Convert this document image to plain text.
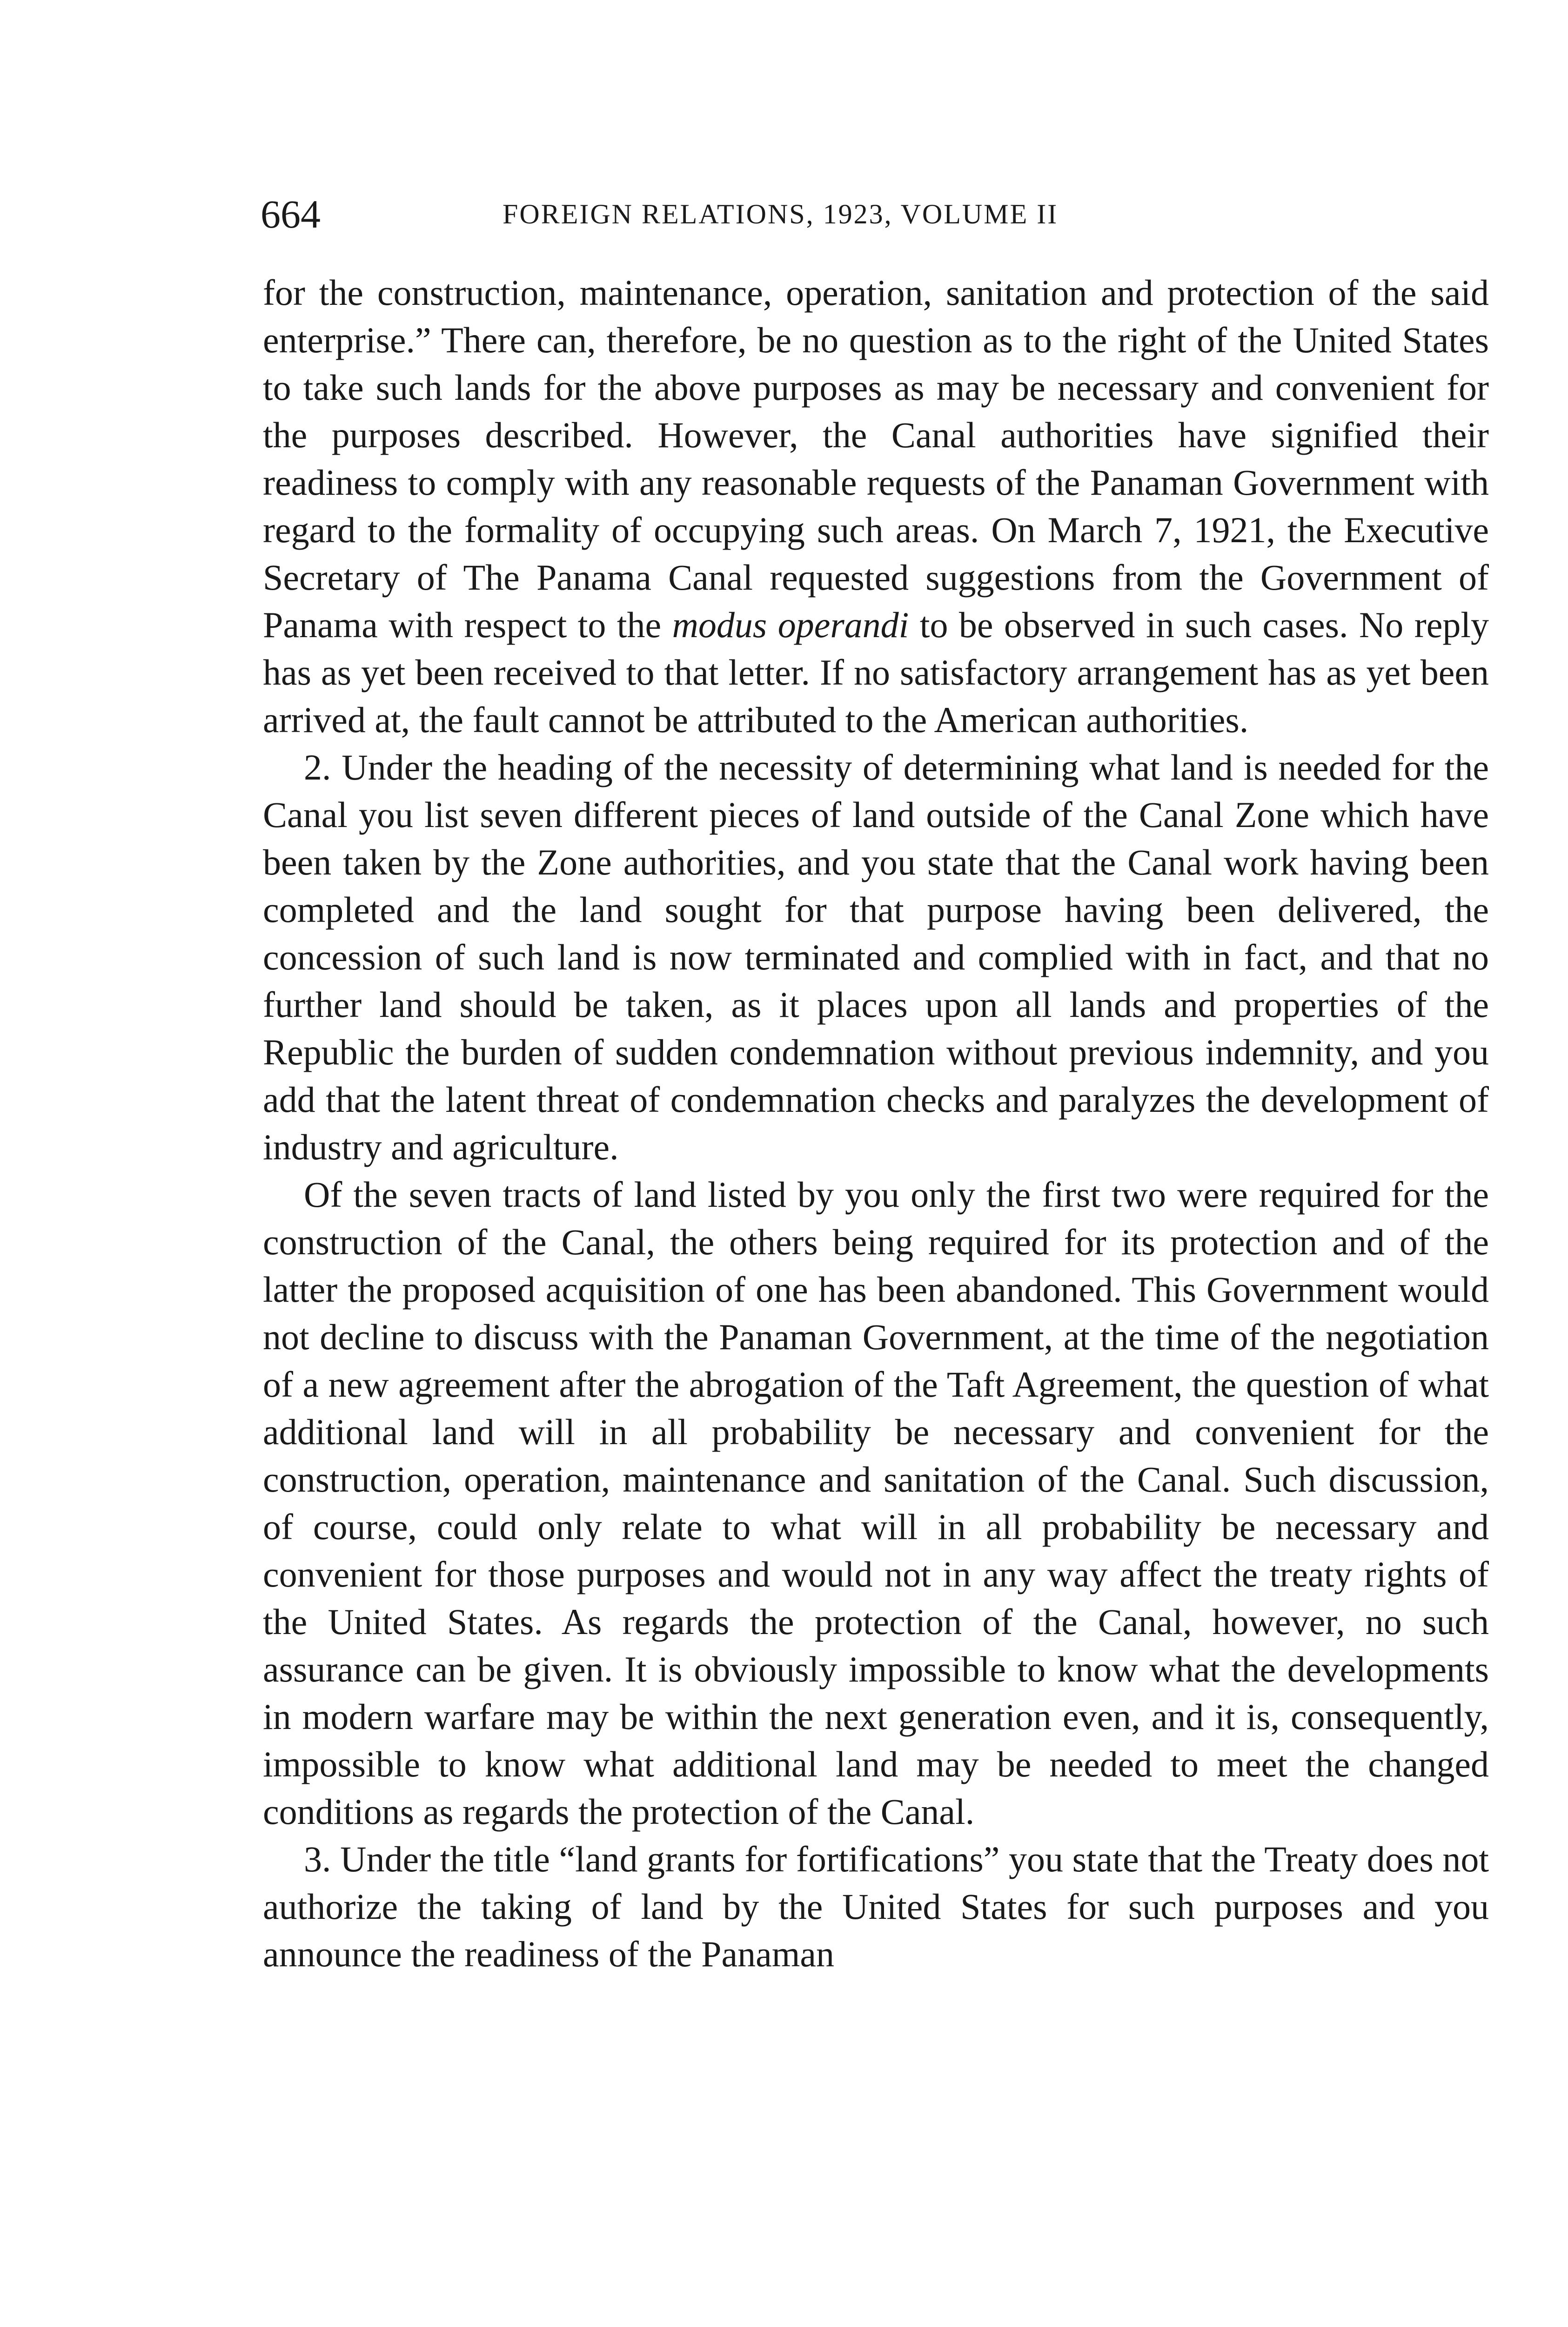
664	FOREIGN RELATIONS, 1923, VOLUME II

for the construction, maintenance, operation, sanitation and protection of the said enterprise.” There can, therefore, be no question as to the right of the United States to take such lands for the above purposes as may be necessary and convenient for the purposes described. However, the Canal authorities have signified their readiness to comply with any reasonable requests of the Panaman Government with regard to the formality of occupying such areas. On March 7, 1921, the Executive Secretary of The Panama Canal requested suggestions from the Government of Panama with respect to the modus operandi to be observed in such cases. No reply has as yet been received to that letter. If no satisfactory arrangement has as yet been arrived at, the fault cannot be attributed to the American authorities.

2. Under the heading of the necessity of determining what land is needed for the Canal you list seven different pieces of land outside of the Canal Zone which have been taken by the Zone authorities, and you state that the Canal work having been completed and the land sought for that purpose having been delivered, the concession of such land is now terminated and complied with in fact, and that no further land should be taken, as it places upon all lands and properties of the Republic the burden of sudden condemnation without previous indemnity, and you add that the latent threat of condemnation checks and paralyzes the development of industry and agriculture.

Of the seven tracts of land listed by you only the first two were required for the construction of the Canal, the others being required for its protection and of the latter the proposed acquisition of one has been abandoned. This Government would not decline to discuss with the Panaman Government, at the time of the negotiation of a new agreement after the abrogation of the Taft Agreement, the question of what additional land will in all probability be necessary and convenient for the construction, operation, maintenance and sanitation of the Canal. Such discussion, of course, could only relate to what will in all probability be necessary and convenient for those purposes and would not in any way affect the treaty rights of the United States. As regards the protection of the Canal, however, no such assurance can be given. It is obviously impossible to know what the developments in modern warfare may be within the next generation even, and it is, consequently, impossible to know what additional land may be needed to meet the changed conditions as regards the protection of the Canal.

3. Under the title “land grants for fortifications” you state that the Treaty does not authorize the taking of land by the United States for such purposes and you announce the readiness of the Panaman
